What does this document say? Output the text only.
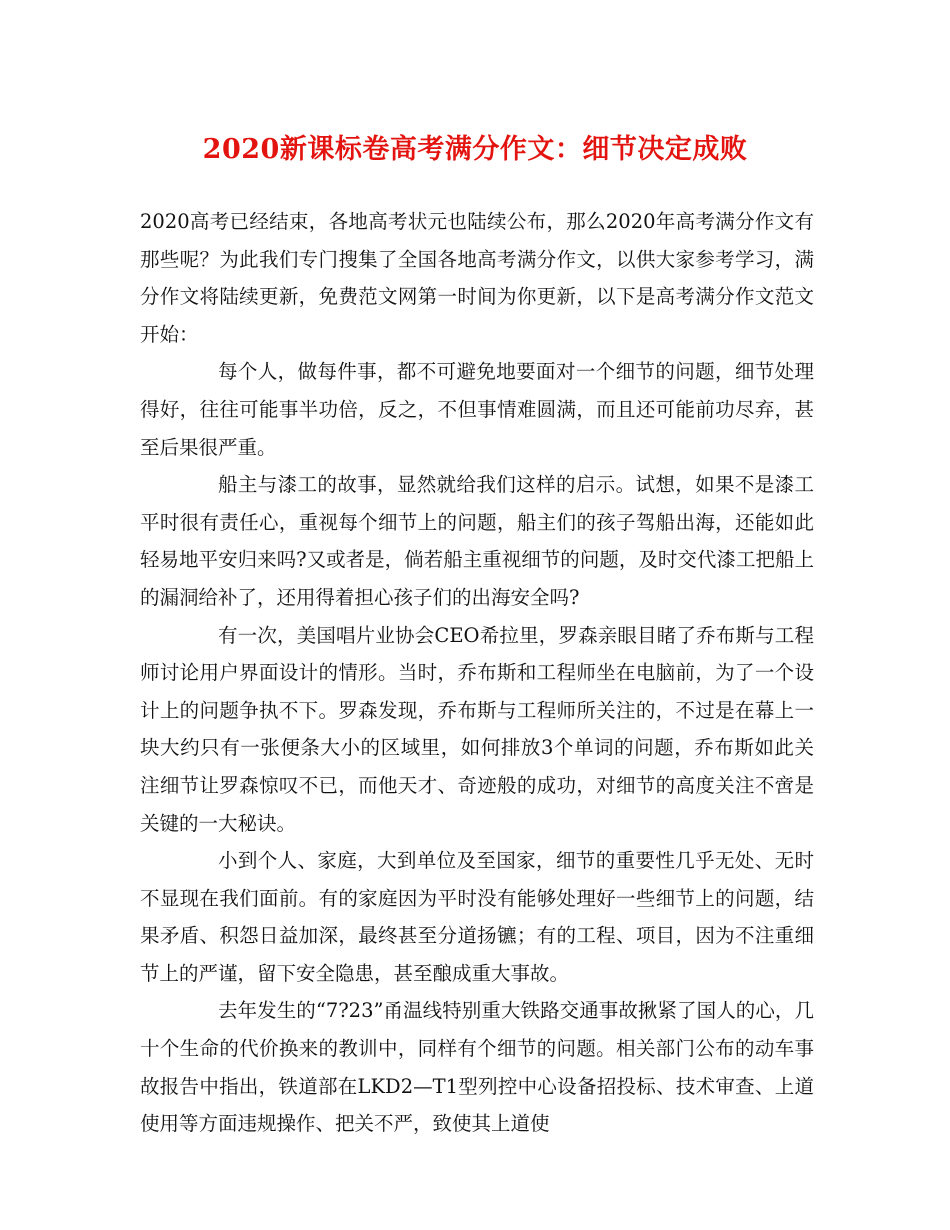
2020新课标卷高考满分作文：细节决定成败

2020高考已经结束，各地高考状元也陆续公布，那么2020年高考满分作文有那些呢？为此我们专门搜集了全国各地高考满分作文，以供大家参考学习，满分作文将陆续更新，免费范文网第一时间为你更新，以下是高考满分作文范文开始：

每个人，做每件事，都不可避免地要面对一个细节的问题，细节处理得好，往往可能事半功倍，反之，不但事情难圆满，而且还可能前功尽弃，甚至后果很严重。

船主与漆工的故事，显然就给我们这样的启示。试想，如果不是漆工平时很有责任心，重视每个细节上的问题，船主们的孩子驾船出海，还能如此轻易地平安归来吗?又或者是，倘若船主重视细节的问题，及时交代漆工把船上的漏洞给补了，还用得着担心孩子们的出海安全吗?

有一次，美国唱片业协会CEO希拉里，罗森亲眼目睹了乔布斯与工程师讨论用户界面设计的情形。当时，乔布斯和工程师坐在电脑前，为了一个设计上的问题争执不下。罗森发现，乔布斯与工程师所关注的，不过是在幕上一块大约只有一张便条大小的区域里，如何排放3个单词的问题，乔布斯如此关注细节让罗森惊叹不已，而他天才、奇迹般的成功，对细节的高度关注不啻是关键的一大秘诀。

小到个人、家庭，大到单位及至国家，细节的重要性几乎无处、无时不显现在我们面前。有的家庭因为平时没有能够处理好一些细节上的问题，结果矛盾、积怨日益加深，最终甚至分道扬镳；有的工程、项目，因为不注重细节上的严谨，留下安全隐患，甚至酿成重大事故。

去年发生的“7?23”甬温线特别重大铁路交通事故揪紧了国人的心，几十个生命的代价换来的教训中，同样有个细节的问题。相关部门公布的动车事故报告中指出，铁道部在LKD2—T1型列控中心设备招投标、技术审查、上道使用等方面违规操作、把关不严，致使其上道使
